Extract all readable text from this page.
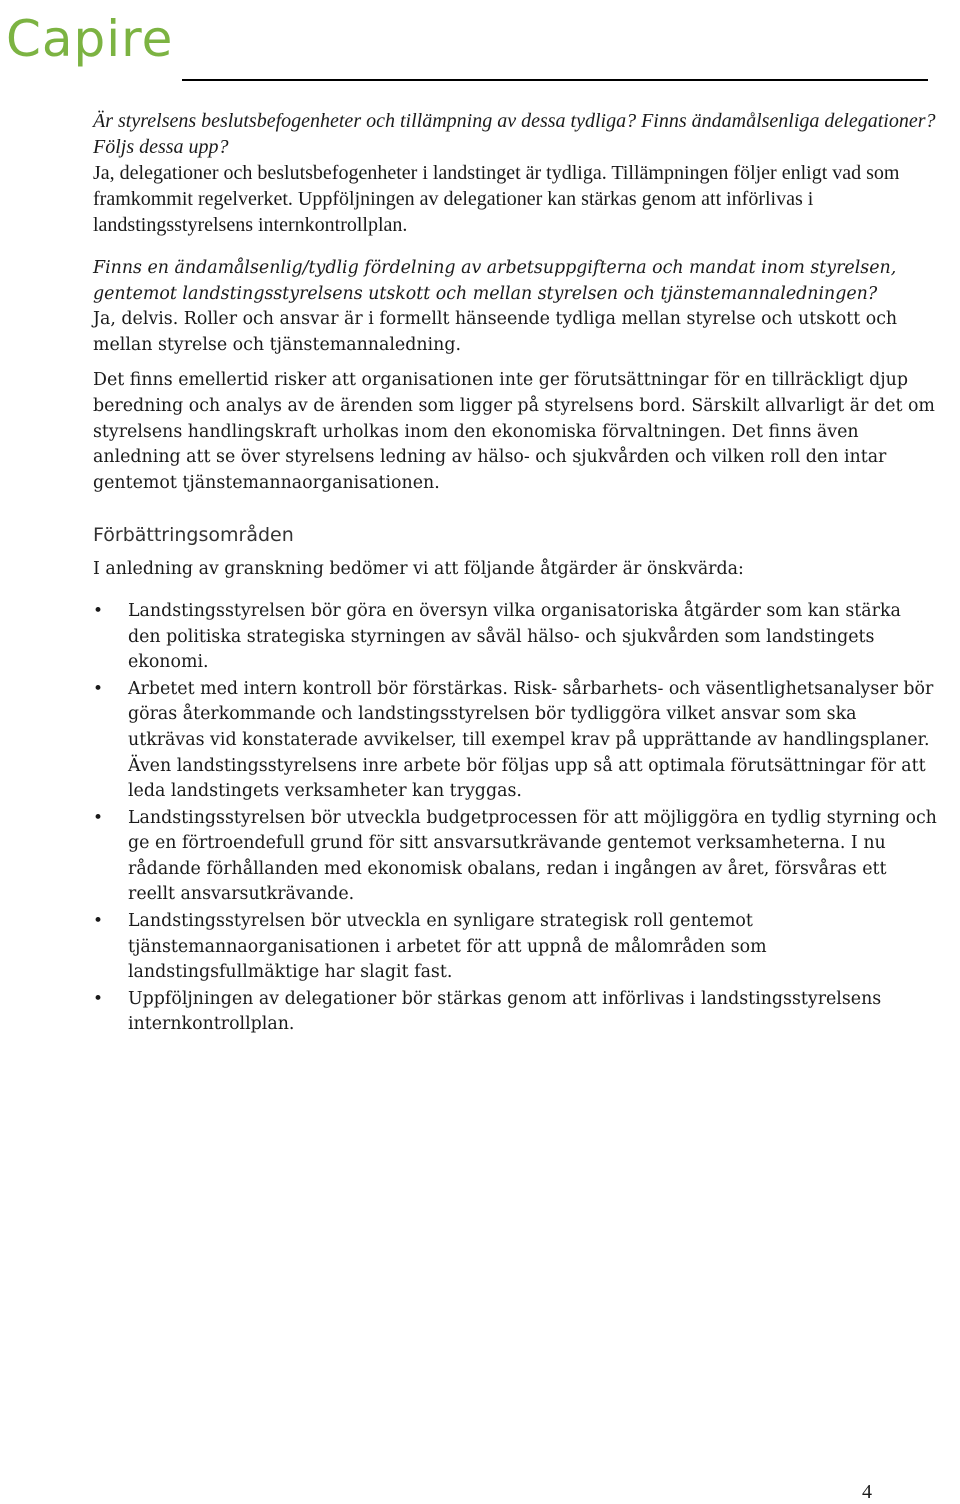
Capire

Är styrelsens beslutsbefogenheter och tillämpning av dessa tydliga? Finns ändamålsenliga delegationer? Följs dessa upp?

Ja, delegationer och beslutsbefogenheter i landstinget är tydliga. Tillämpningen följer enligt vad som framkommit regelverket. Uppföljningen av delegationer kan stärkas genom att införlivas i landstingsstyrelsens internkontrollplan.

Finns en ändamålsenlig/tydlig fördelning av arbetsuppgifterna och mandat inom styrelsen, gentemot landstingsstyrelsens utskott och mellan styrelsen och tjänstemannaledningen?

Ja, delvis. Roller och ansvar är i formellt hänseende tydliga mellan styrelse och utskott och mellan styrelse och tjänstemannaledning.

Det finns emellertid risker att organisationen inte ger förutsättningar för en tillräckligt djup beredning och analys av de ärenden som ligger på styrelsens bord. Särskilt allvarligt är det om styrelsens handlingskraft urholkas inom den ekonomiska förvaltningen. Det finns även anledning att se över styrelsens ledning av hälso- och sjukvården och vilken roll den intar gentemot tjänstemannaorganisationen.

Förbättringsområden

I anledning av granskning bedömer vi att följande åtgärder är önskvärda:

• Landstingsstyrelsen bör göra en översyn vilka organisatoriska åtgärder som kan stärka den politiska strategiska styrningen av såväl hälso- och sjukvården som landstingets ekonomi.
• Arbetet med intern kontroll bör förstärkas. Risk- sårbarhets- och väsentlighetsanalyser bör göras återkommande och landstingsstyrelsen bör tydliggöra vilket ansvar som ska utkrävas vid konstaterade avvikelser, till exempel krav på upprättande av handlingsplaner. Även landstingsstyrelsens inre arbete bör följas upp så att optimala förutsättningar för att leda landstingets verksamheter kan tryggas.
• Landstingsstyrelsen bör utveckla budgetprocessen för att möjliggöra en tydlig styrning och ge en förtroendefull grund för sitt ansvarsutkrävande gentemot verksamheterna. I nu rådande förhållanden med ekonomisk obalans, redan i ingången av året, försvåras ett reellt ansvarsutkrävande.
• Landstingsstyrelsen bör utveckla en synligare strategisk roll gentemot tjänstemannaorganisationen i arbetet för att uppnå de målområden som landstingsfullmäktige har slagit fast.
• Uppföljningen av delegationer bör stärkas genom att införlivas i landstingsstyrelsens internkontrollplan.
4
